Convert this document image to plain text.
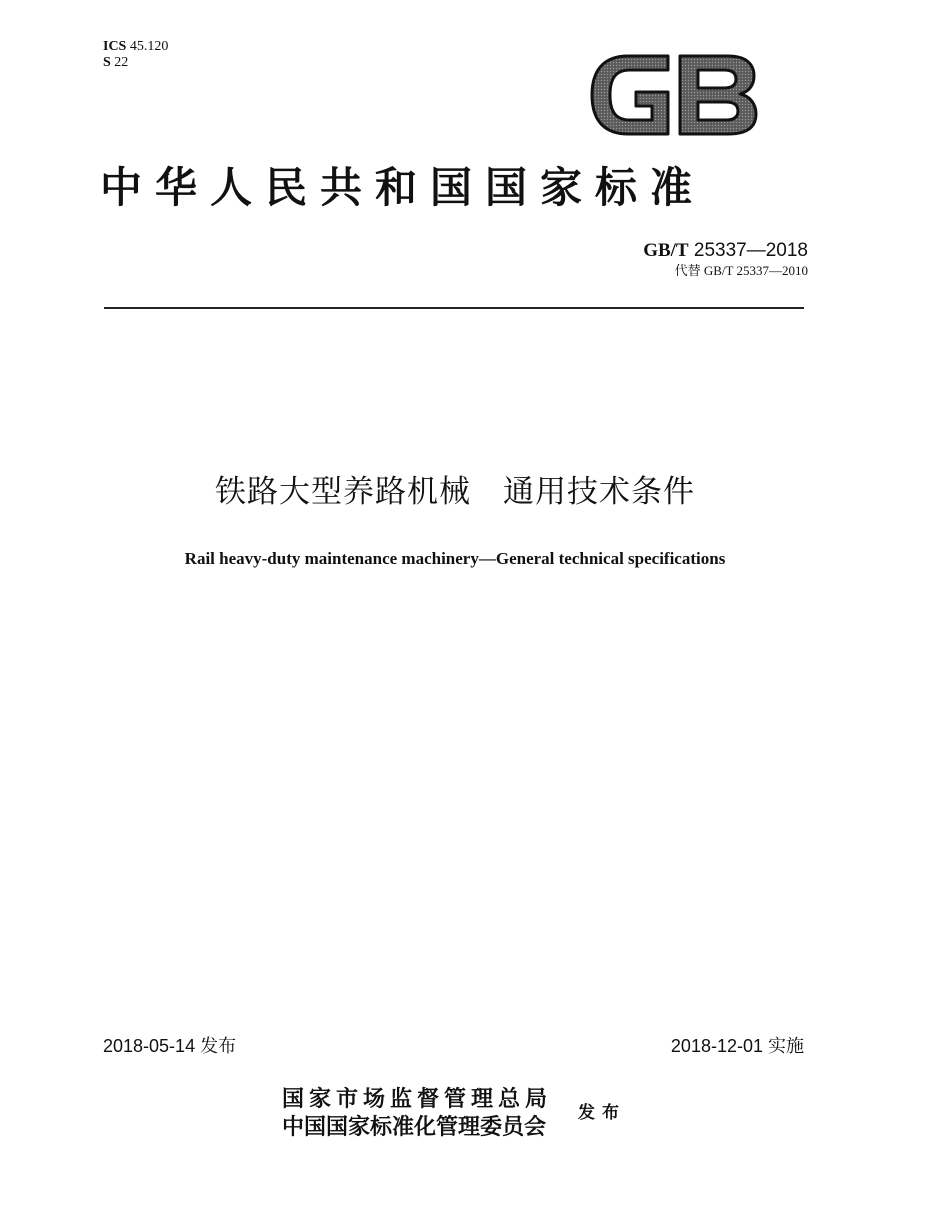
ICS 45.120
S 22
中华人民共和国国家标准
GB/T 25337—2018
代替 GB/T 25337—2010
铁路大型养路机械　通用技术条件
Rail heavy-duty maintenance machinery—General technical specifications
2018-05-14 发布	2018-12-01 实施
国家市场监督管理总局
中国国家标准化管理委员会
发布
